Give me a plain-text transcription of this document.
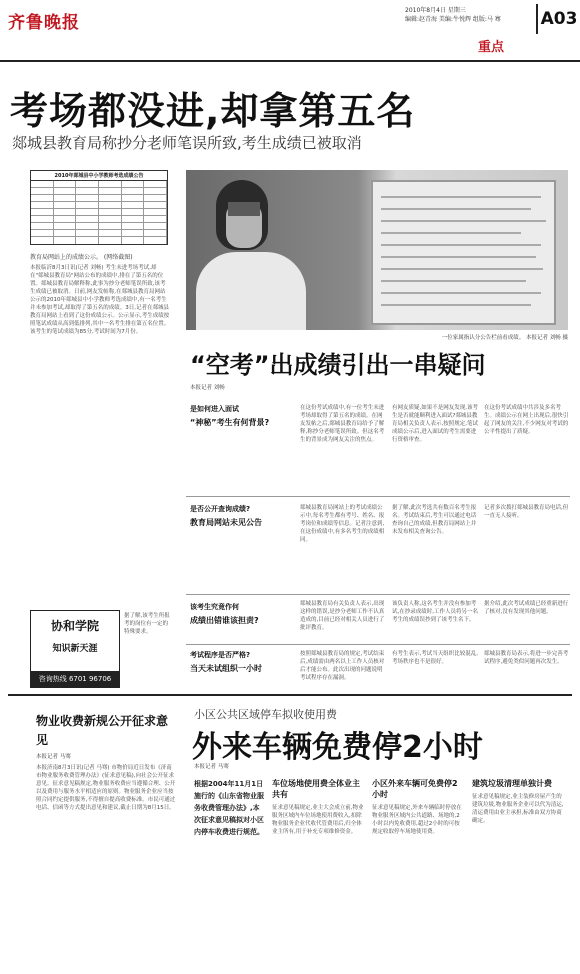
齐鲁晚报
2010年8月4日 星期三
编辑:赵青海 美编:牛悦辉 组版:马 骞
重点
A03
考场都没进,却拿第五名
郯城县教育局称抄分老师笔误所致,考生成绩已被取消
2010年郯城县中小学教师考选成绩公告
教育局网站上的成绩公示。 (网络截图)
本报临沂8月3日讯(记者 刘畅) 考生未进考场考试,却在"郯城县教育局"网站公布的成绩中,排在了第五名的位置。郯城县教育局解释称,此事为抄分老师笔误所致,该考生成绩已被取消。日前,网友发帖称,在郯城县教育局网站公示的2010年郯城县中小学教师考选成绩中,有一名考生并未参加考试,却取得了第五名的成绩。3日,记者在郯城县教育局网站上看到了这份成绩公示。公示显示,考生成绩按照笔试成绩从高到低排列,其中一名考生排在第五名位置。该考生的笔试成绩为85分,考试时间为7月份。
协和学院
知识新天涯
咨询热线 6701 96706
据了解,该考生所报考的岗位有一定的特殊要求。
一位家属指认分公告栏前看成绩。 本报记者 刘畅 摄
“空考”出成绩引出一串疑问
本报记者 刘畅
是如何进入面试
“神秘”考生有何背景?
在这份考试成绩中,有一位考生未进考场却取得了第五名的成绩。在网友发帖之后,郯城县教育局给予了解释,称抄分老师笔误所致。但这名考生的背景成为网友关注的焦点。
有网友质疑,如果不是网友发现,该考生是否就能顺利进入面试?郯城县教育局相关负责人表示,按照规定,笔试成绩公示后,进入面试的考生需要进行资格审查。
在这份考试成绩中共涉及多名考生。成绩公示在网上出现后,很快引起了网友的关注,不少网友对考试的公平性提出了质疑。
是否公开查询成绩?
教育局网站未见公告
郯城县教育局网站上的考试成绩公示中,每名考生都有考号、姓名、报考岗位和成绩等信息。记者注意到,在这份成绩中,有多名考生的成绩相同。
据了解,此次考选共有数百名考生报名。考试结束后,考生可以通过电话查询自己的成绩,但教育局网站上并未发布相关查询公告。
记者多次拨打郯城县教育局电话,但一直无人接听。
该考生究竟作何
成绩出错谁该担责?
郯城县教育局有关负责人表示,出现这样的错误,是抄分老师工作不认真造成的,目前已经对相关人员进行了批评教育。
该负责人称,这名考生并没有参加考试,在抄录成绩时,工作人员将另一名考生的成绩误抄到了该考生名下。
据介绍,此次考试成绩已经重新进行了核对,没有发现其他问题。
考试程序是否严格?
当天未试组织一小时
按照郯城县教育局的规定,考试结束后,成绩需由两名以上工作人员核对后才能公布。此次出现的问题说明考试程序存在漏洞。
有考生表示,考试当天组织比较混乱,考场秩序也不是很好。
郯城县教育局表示,将进一步完善考试程序,避免类似问题再次发生。
物业收费新规公开征求意见
本报记者 马骞
本报济南8月3日讯(记者 马骞) 市物价局近日发布《济南市物业服务收费管理办法》(征求意见稿),向社会公开征求意见。征求意见稿规定,物业服务收费应当遵循合理、公开以及费用与服务水平相适应的原则。物业服务企业应当按照合同约定提供服务,不得擅自提高收费标准。市民可通过电话、信函等方式提出意见和建议,截止日期为8月15日。
小区公共区域停车拟收使用费
外来车辆免费停2小时
本报记者 马骞
根据2004年11月1日施行的《山东省物业服务收费管理办法》,本次征求意见稿拟对小区内停车收费进行规范。
车位场地使用费全体业主共有
征求意见稿规定,业主大会成立前,物业服务区域内车位场地使用费收入,扣除物业服务企业代收代管费用后,归全体业主所有,用于补充专项维修资金。
小区外来车辆可免费停2小时
征求意见稿规定,外来车辆临时停放在物业服务区域内公共道路、场地的,2小时以内免收费用,超过2小时的可按规定收取停车场地使用费。
建筑垃圾清理单独计费
征求意见稿规定,业主装修房屋产生的建筑垃圾,物业服务企业可以代为清运,清运费用由业主承担,标准由双方协商确定。
